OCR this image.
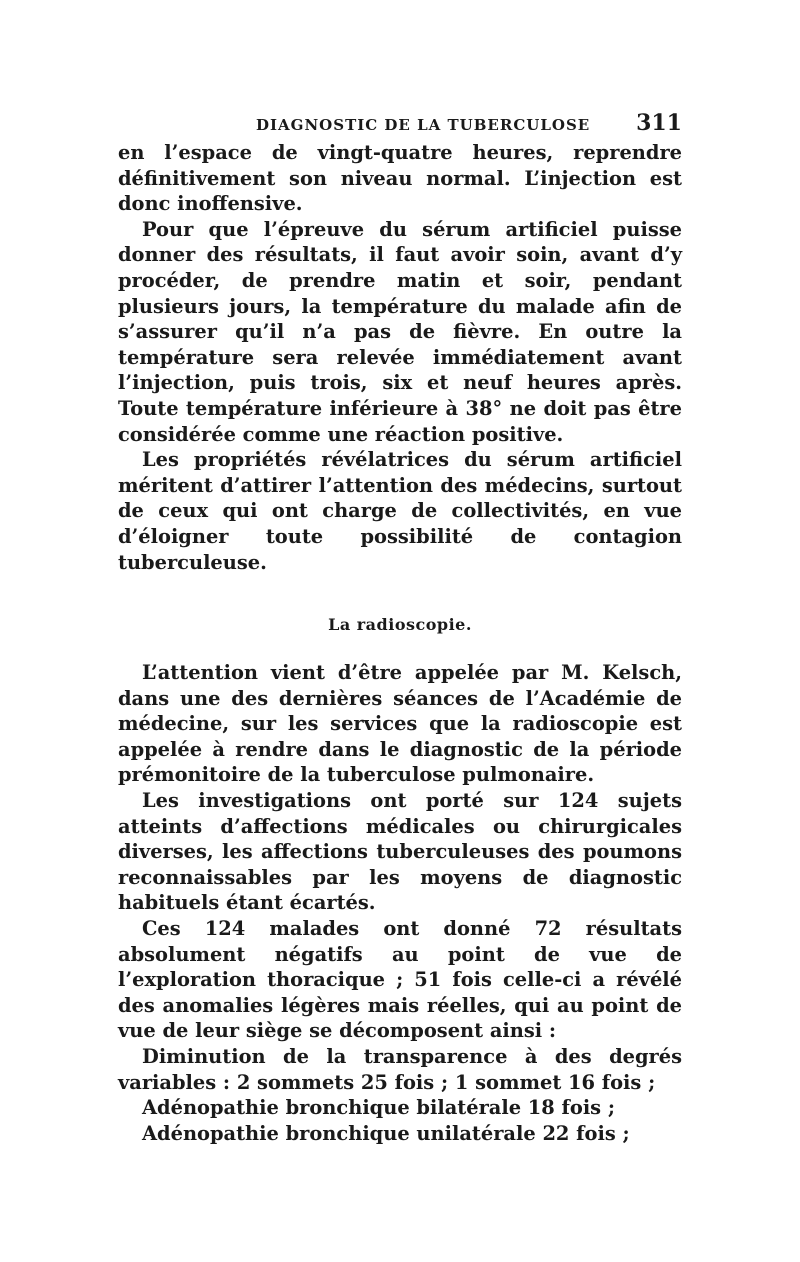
DIAGNOSTIC DE LA TUBERCULOSE 311

en l’espace de vingt-quatre heures, reprendre définitivement son niveau normal. L’injection est donc inoffensive.

Pour que l’épreuve du sérum artificiel puisse donner des résultats, il faut avoir soin, avant d’y procéder, de prendre matin et soir, pendant plusieurs jours, la température du malade afin de s’assurer qu’il n’a pas de fièvre. En outre la température sera relevée immédiatement avant l’injection, puis trois, six et neuf heures après. Toute température inférieure à 38° ne doit pas être considérée comme une réaction positive.

Les propriétés révélatrices du sérum artificiel méritent d’attirer l’attention des médecins, surtout de ceux qui ont charge de collectivités, en vue d’éloigner toute possibilité de contagion tuberculeuse.

La radioscopie.

L’attention vient d’être appelée par M. Kelsch, dans une des dernières séances de l’Académie de médecine, sur les services que la radioscopie est appelée à rendre dans le diagnostic de la période prémonitoire de la tuberculose pulmonaire.

Les investigations ont porté sur 124 sujets atteints d’affections médicales ou chirurgicales diverses, les affections tuberculeuses des poumons reconnaissables par les moyens de diagnostic habituels étant écartés.

Ces 124 malades ont donné 72 résultats absolument négatifs au point de vue de l’exploration thoracique ; 51 fois celle-ci a révélé des anomalies légères mais réelles, qui au point de vue de leur siège se décomposent ainsi :

Diminution de la transparence à des degrés variables : 2 sommets 25 fois ; 1 sommet 16 fois ;

Adénopathie bronchique bilatérale 18 fois ;

Adénopathie bronchique unilatérale 22 fois ;
